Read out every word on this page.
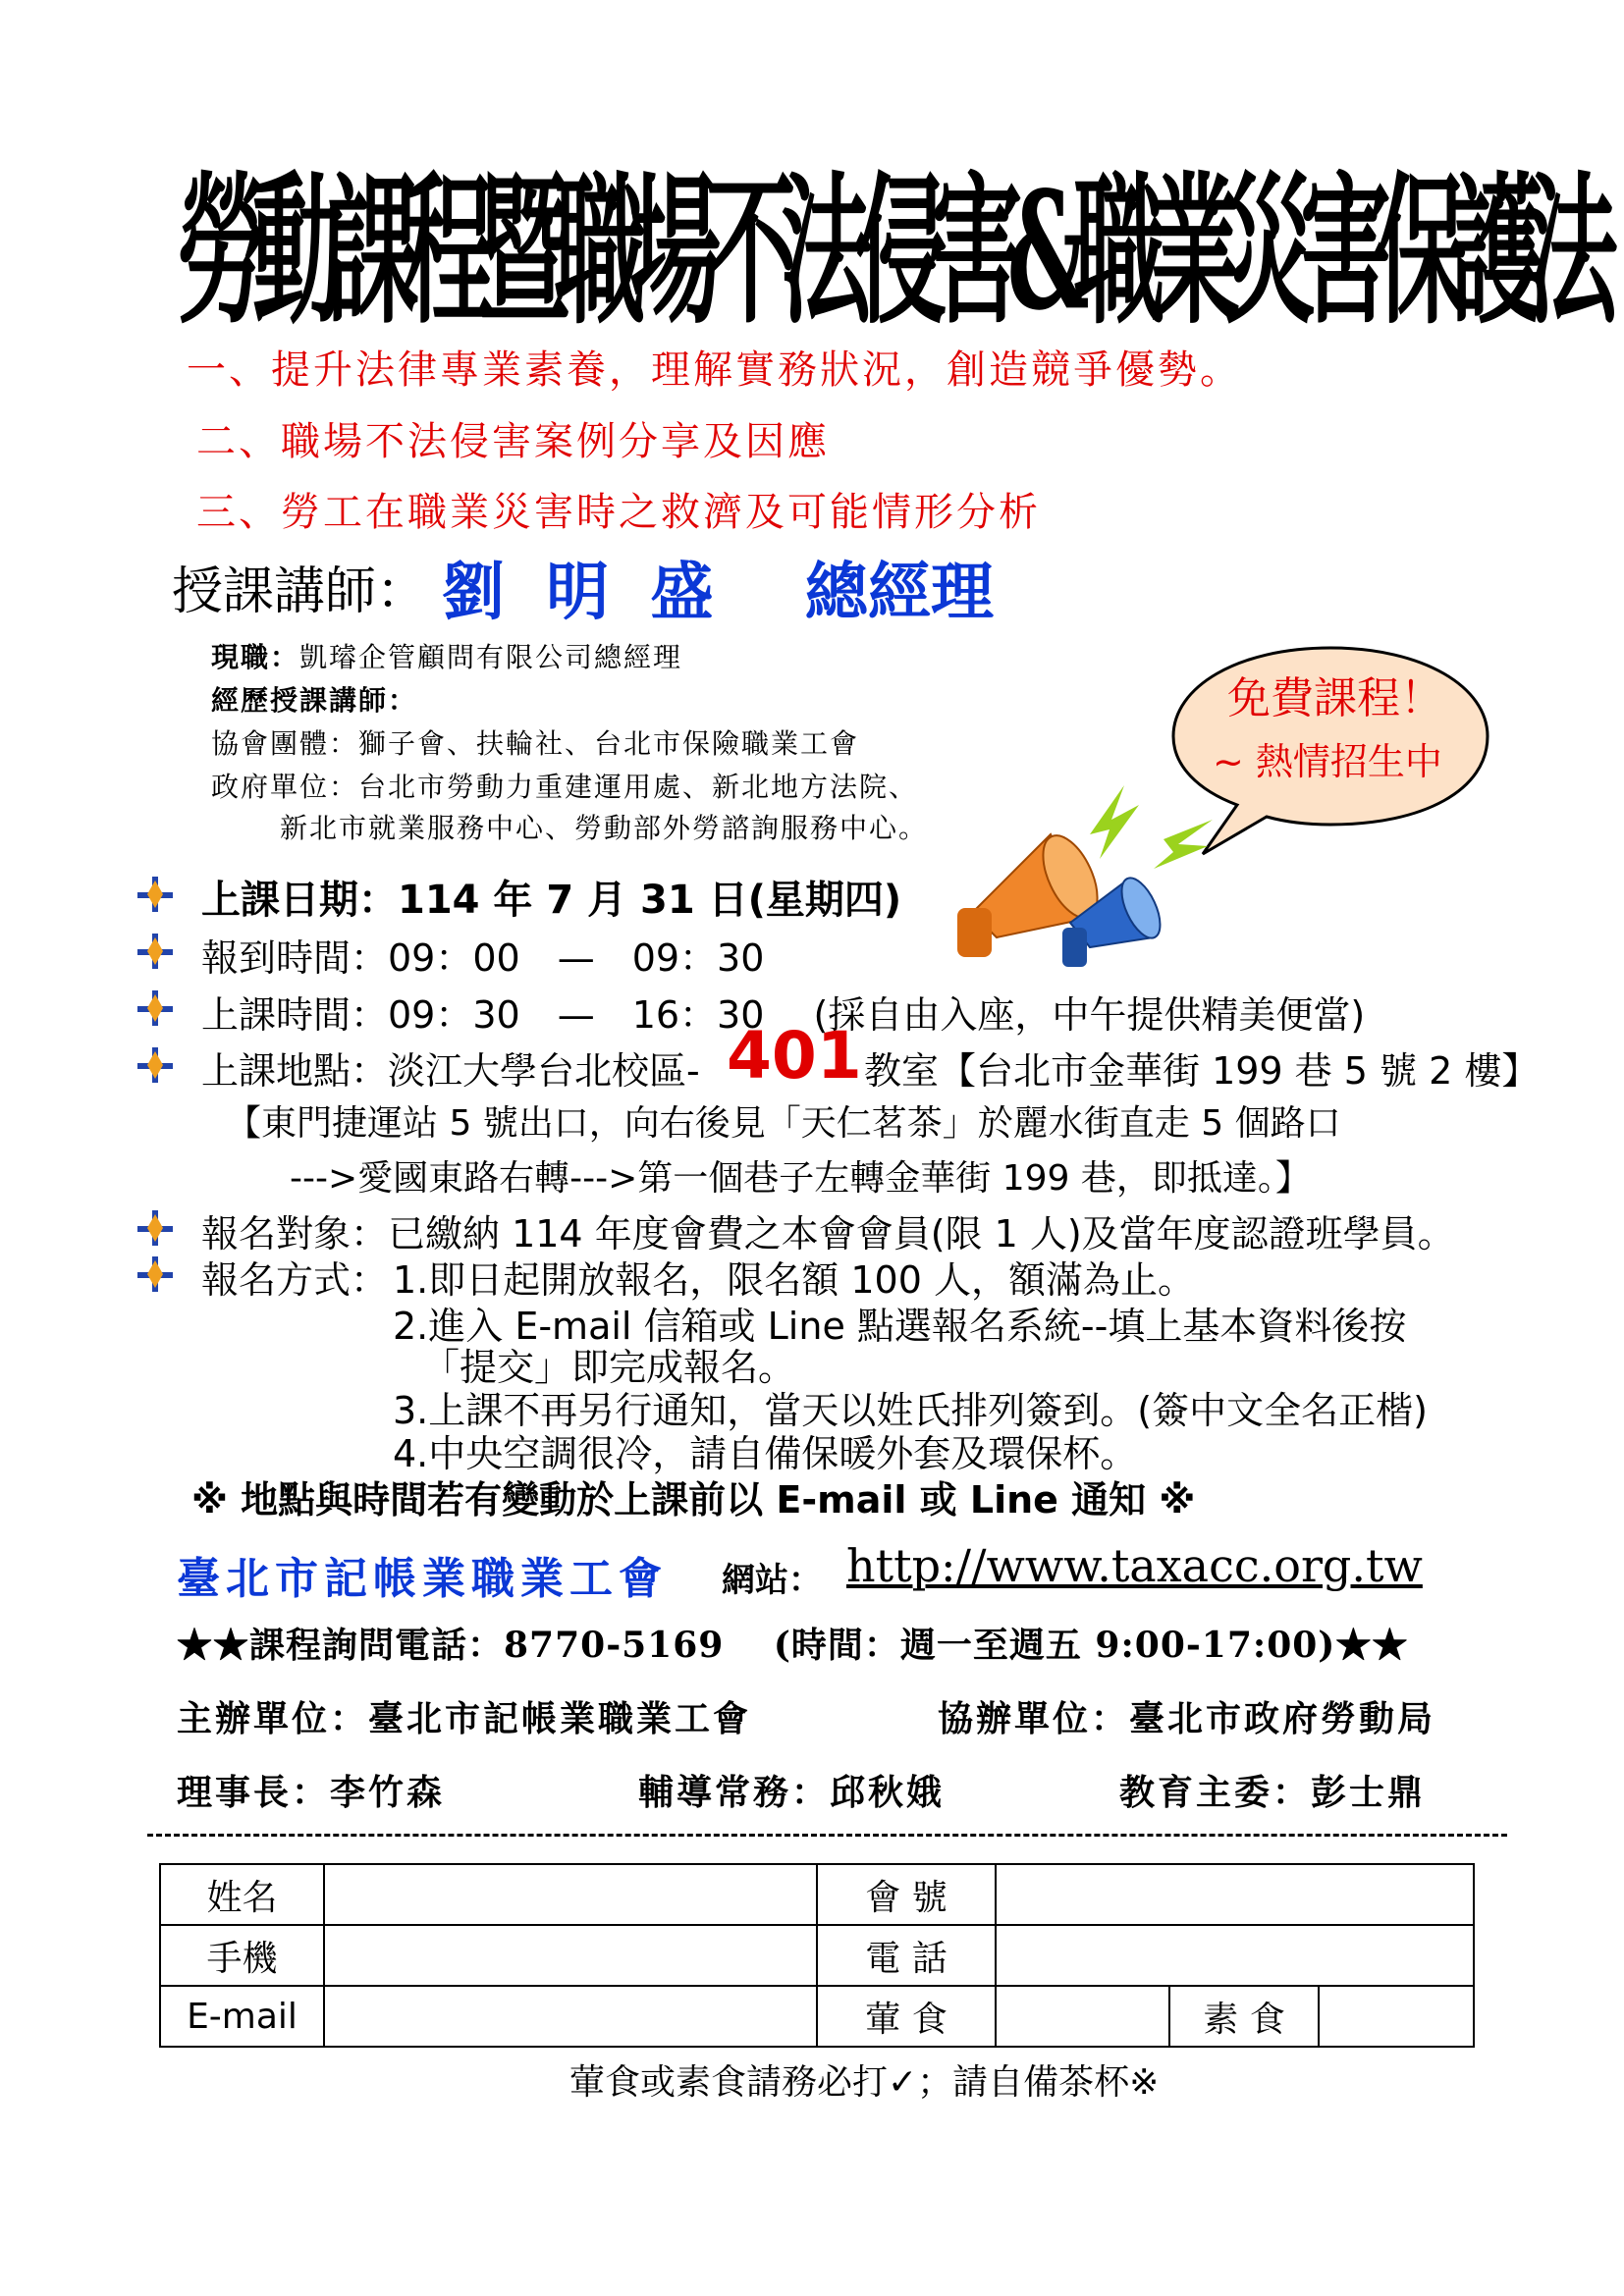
勞動課程暨職場不法侵害&職業災害保護法
一、提升法律專業素養，理解實務狀況，創造競爭優勢。
二、職場不法侵害案例分享及因應
三、勞工在職業災害時之救濟及可能情形分析
授課講師： 劉 明 盛 總經理
現職：凱璿企管顧問有限公司總經理
經歷授課講師：
協會團體：獅子會、扶輪社、台北市保險職業工會
政府單位：台北市勞動力重建運用處、新北地方法院、
新北市就業服務中心、勞動部外勞諮詢服務中心。
免費課程！
~ 熱情招生中
上課日期：114 年 7 月 31 日(星期四)
報到時間：09：00　—　09：30
上課時間：09：30　—　16：30　 (採自由入座，中午提供精美便當)
上課地點：淡江大學台北校區- 401 教室【台北市金華街 199 巷 5 號 2 樓】
【東門捷運站 5 號出口，向右後見「天仁茗茶」於麗水街直走 5 個路口
--->愛國東路右轉--->第一個巷子左轉金華街 199 巷，即抵達。】
報名對象：已繳納 114 年度會費之本會會員(限 1 人)及當年度認證班學員。
報名方式： 1.即日起開放報名，限名額 100 人，額滿為止。
2.進入 E-mail 信箱或 Line 點選報名系統--填上基本資料後按
「提交」即完成報名。
3.上課不再另行通知，當天以姓氏排列簽到。(簽中文全名正楷)
4.中央空調很冷，請自備保暖外套及環保杯。
※ 地點與時間若有變動於上課前以 E-mail 或 Line 通知 ※
臺北市記帳業職業工會 網站： http://www.taxacc.org.tw
★★課程詢問電話：8770-5169　 (時間：週一至週五 9:00-17:00)★★
主辦單位：臺北市記帳業職業工會	協辦單位：臺北市政府勞動局
理事長：李竹森	輔導常務：邱秋娥	教育主委：彭士鼎
姓名		會 號			
手機		電 話			
E-mail		葷 食		素 食	
葷食或素食請務必打✓；請自備茶杯※
